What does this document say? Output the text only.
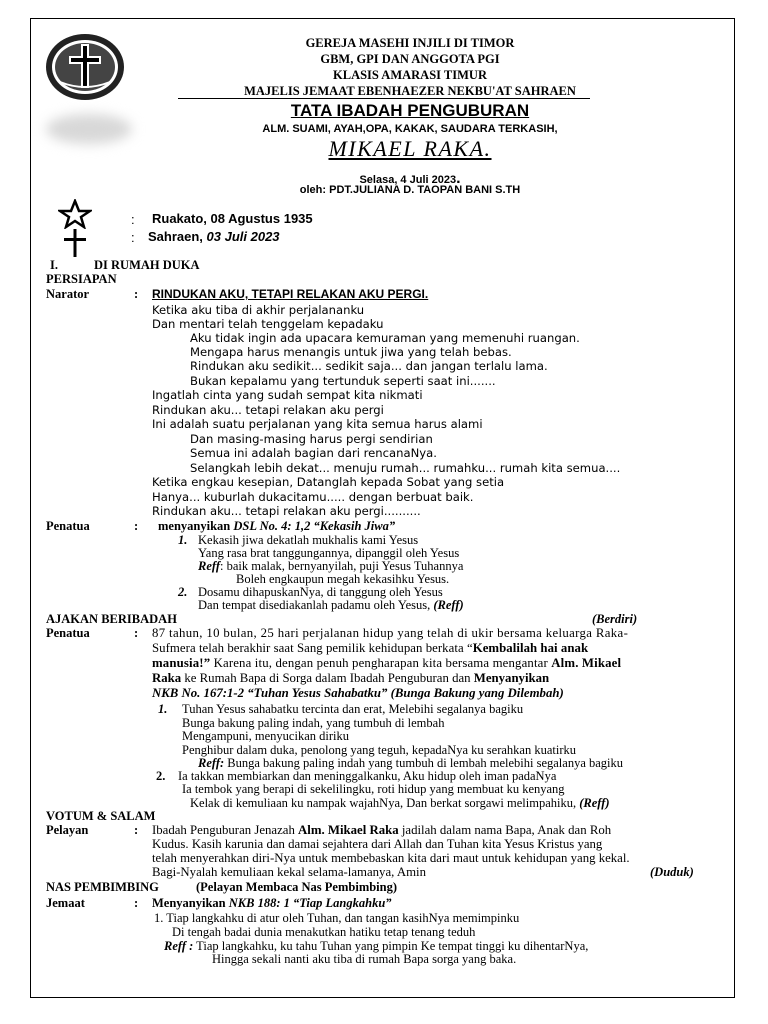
GEREJA MASEHI INJILI DI TIMOR
GBM, GPI DAN ANGGOTA PGI
KLASIS AMARASI TIMUR
MAJELIS JEMAAT EBENHAEZER NEKBU'AT SAHRAEN
TATA IBADAH PENGUBURAN
ALM. SUAMI, AYAH,OPA, KAKAK, SAUDARA TERKASIH,
MIKAEL RAKA.
Selasa, 4 Juli 2023.
oleh: PDT.JULIANA D. TAOPAN BANI S.TH
: Ruakato, 08 Agustus 1935
: Sahraen, 03 Juli 2023
I.	DI RUMAH DUKA
PERSIAPAN
Narator	: RINDUKAN AKU, TETAPI RELAKAN AKU PERGI.
Ketika aku tiba di akhir perjalananku
Dan mentari telah tenggelam kepadaku
Aku tidak ingin ada upacara kemuraman yang memenuhi ruangan.
Mengapa harus menangis untuk jiwa yang telah bebas.
Rindukan aku sedikit... sedikit saja... dan jangan terlalu lama.
Bukan kepalamu yang tertunduk seperti saat ini.......
Ingatlah cinta yang sudah sempat kita nikmati
Rindukan aku... tetapi relakan aku pergi
Ini adalah suatu perjalanan yang kita semua harus alami
Dan masing-masing harus pergi sendirian
Semua ini adalah bagian dari rencanaNya.
Selangkah lebih dekat... menuju rumah... rumahku... rumah kita semua....
Ketika engkau kesepian, Datanglah kepada Sobat yang setia
Hanya... kuburlah dukacitamu..... dengan berbuat baik.
Rindukan aku... tetapi relakan aku pergi..........
Penatua	: menyanyikan DSL No. 4: 1,2 “Kekasih Jiwa”
1. Kekasih jiwa dekatlah mukhalis kami Yesus
Yang rasa brat tanggungannya, dipanggil oleh Yesus
Reff: baik malak, bernyanyilah, puji Yesus Tuhannya
Boleh engkaupun megah kekasihku Yesus.
2. Dosamu dihapuskanNya, di tanggung oleh Yesus
Dan tempat disediakanlah padamu oleh Yesus, (Reff)
AJAKAN BERIBADAH	(Berdiri)
Penatua	: 87 tahun, 10 bulan, 25 hari perjalanan hidup yang telah di ukir bersama keluarga Raka-
Sufmera telah berakhir saat Sang pemilik kehidupan berkata “Kembalilah hai anak
manusia!” Karena itu, dengan penuh pengharapan kita bersama mengantar Alm. Mikael
Raka ke Rumah Bapa di Sorga dalam Ibadah Penguburan dan Menyanyikan
NKB No. 167:1-2 “Tuhan Yesus Sahabatku” (Bunga Bakung yang Dilembah)
1. Tuhan Yesus sahabatku tercinta dan erat, Melebihi segalanya bagiku
Bunga bakung paling indah, yang tumbuh di lembah
Mengampuni, menyucikan diriku
Penghibur dalam duka, penolong yang teguh, kepadaNya ku serahkan kuatirku
Reff: Bunga bakung paling indah yang tumbuh di lembah melebihi segalanya bagiku
2. Ia takkan membiarkan dan meninggalkanku, Aku hidup oleh iman padaNya
Ia tembok yang berapi di sekelilingku, roti hidup yang membuat ku kenyang
Kelak di kemuliaan ku nampak wajahNya, Dan berkat sorgawi melimpahiku, (Reff)
VOTUM & SALAM
Pelayan	: Ibadah Penguburan Jenazah Alm. Mikael Raka jadilah dalam nama Bapa, Anak dan Roh
Kudus. Kasih karunia dan damai sejahtera dari Allah dan Tuhan kita Yesus Kristus yang
telah menyerahkan diri-Nya untuk membebaskan kita dari maut untuk kehidupan yang kekal.
Bagi-Nyalah kemuliaan kekal selama-lamanya, Amin	(Duduk)
NAS PEMBIMBING	(Pelayan Membaca Nas Pembimbing)
Jemaat	: Menyanyikan NKB 188: 1 “Tiap Langkahku”
1. Tiap langkahku di atur oleh Tuhan, dan tangan kasihNya memimpinku
Di tengah badai dunia menakutkan hatiku tetap tenang teduh
Reff : Tiap langkahku, ku tahu Tuhan yang pimpin Ke tempat tinggi ku dihentarNya,
Hingga sekali nanti aku tiba di rumah Bapa sorga yang baka.
